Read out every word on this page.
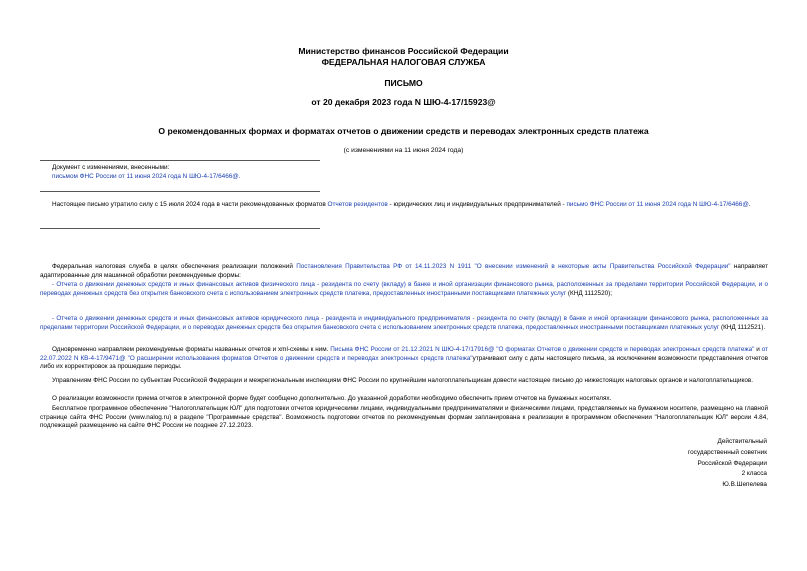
Министерство финансов Российской Федерации
ФЕДЕРАЛЬНАЯ НАЛОГОВАЯ СЛУЖБА
ПИСЬМО
от 20 декабря 2023 года N ШЮ-4-17/15923@
О рекомендованных формах и форматах отчетов о движении средств и переводах электронных средств платежа
(с изменениями на 11 июня 2024 года)
Документ с изменениями, внесенными:
письмом ФНС России от 11 июня 2024 года N ШЮ-4-17/6466@.
Настоящее письмо утратило силу с 15 июля 2024 года в части рекомендованных форматов Отчетов резидентов - юридических лиц и индивидуальных предпринимателей - письмо ФНС России от 11 июня 2024 года N ШЮ-4-17/6466@.
Федеральная налоговая служба в целях обеспечения реализации положений Постановления Правительства РФ от 14.11.2023 N 1911 "О внесении изменений в некоторые акты Правительства Российской Федерации" направляет адаптированные для машинной обработки рекомендуемые формы:
- Отчета о движении денежных средств и иных финансовых активов физического лица - резидента по счету (вкладу) в банке и иной организации финансового рынка, расположенных за пределами территории Российской Федерации, и о переводах денежных средств без открытия банковского счета с использованием электронных средств платежа, предоставленных иностранными поставщиками платежных услуг (КНД 1112520);
- Отчета о движении денежных средств и иных финансовых активов юридического лица - резидента и индивидуального предпринимателя - резидента по счету (вкладу) в банке и иной организации финансового рынка, расположенных за пределами территории Российской Федерации, и о переводах денежных средств без открытия банковского счета с использованием электронных средств платежа, предоставленных иностранными поставщиками платежных услуг (КНД 1112521).
Одновременно направляем рекомендуемые форматы названных отчетов и xml-схемы к ним. Письма ФНС России от 21.12.2021 N ШЮ-4-17/17916@ "О форматах Отчетов о движении средств и переводах электронных средств платежа" и от 22.07.2022 N КВ-4-17/9471@ "О расширении использования форматов Отчетов о движении средств и переводах электронных средств платежа"утрачивают силу с даты настоящего письма, за исключением возможности представления отчетов либо их корректировок за прошедшие периоды.
Управлениям ФНС России по субъектам Российской Федерации и межрегиональным инспекциям ФНС России по крупнейшим налогоплательщикам довести настоящее письмо до нижестоящих налоговых органов и налогоплательщиков.
О реализации возможности приема отчетов в электронной форме будет сообщено дополнительно. До указанной доработки необходимо обеспечить прием отчетов на бумажных носителях.
Бесплатное программное обеспечение "Налогоплательщик ЮЛ" для подготовки отчетов юридическими лицами, индивидуальными предпринимателями и физическими лицами, представляемых на бумажном носителе, размещено на главной странице сайта ФНС России (www.nalog.ru) в разделе "Программные средства". Возможность подготовки отчетов по рекомендуемым формам запланирована к реализации в программном обеспечении "Налогоплательщик ЮЛ" версии 4.84, подлежащей размещению на сайте ФНС России не позднее 27.12.2023.
Действительный
государственный советник
Российской Федерации
2 класса
Ю.В.Шепелева
